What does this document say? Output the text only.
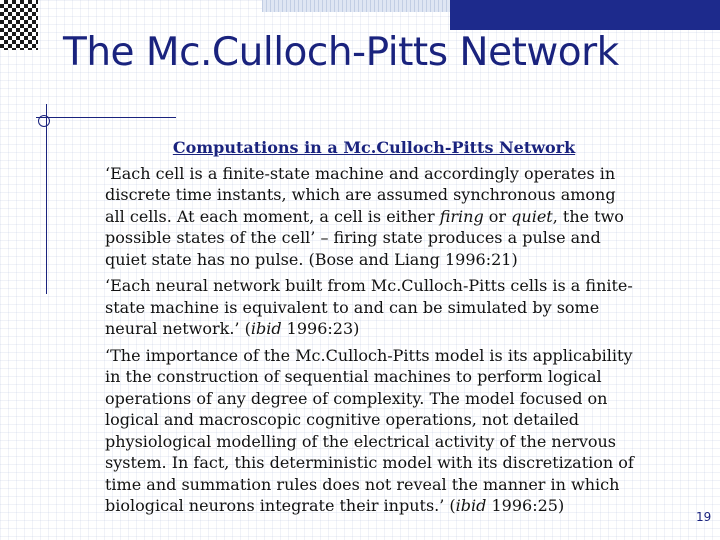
The Mc.Culloch-Pitts Network
Computations in a Mc.Culloch-Pitts Network

‘Each cell is a finite-state machine and accordingly operates in discrete time instants, which are assumed synchronous among all cells. At each moment, a cell is either firing or quiet, the two possible states of the cell’ – firing state produces a pulse and quiet state has no pulse. (Bose and Liang 1996:21)

‘Each neural network built from Mc.Culloch-Pitts cells is a finite-state machine is equivalent to and can be simulated by some neural network.’ (ibid 1996:23)

‘The importance of the Mc.Culloch-Pitts model is its applicability in the construction of sequential machines to perform logical operations of any degree of complexity. The model focused on logical and macroscopic cognitive operations, not detailed physiological modelling of the electrical activity of the nervous system. In fact, this deterministic model with its discretization of time and summation rules does not reveal the manner in which biological neurons integrate their inputs.’ (ibid 1996:25)

19
